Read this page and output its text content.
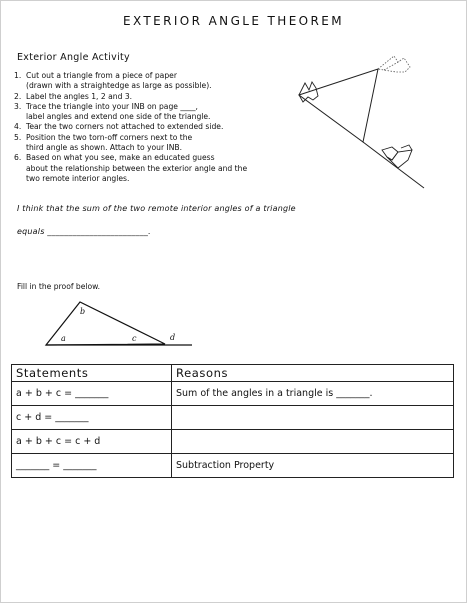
EXTERIOR ANGLE THEOREM
Exterior Angle Activity
1. Cut out a triangle from a piece of paper
(drawn with a straightedge as large as possible).
2. Label the angles 1, 2 and 3.
3. Trace the triangle into your INB on page ____,
label angles and extend one side of the triangle.
4. Tear the two corners not attached to extended side.
5. Position the two torn-off corners next to the
third angle as shown. Attach to your INB.
6. Based on what you see, make an educated guess
about the relationship between the exterior angle and the
two remote interior angles.
I think that the sum of the two remote interior angles of a triangle
equals ________________________.
Fill in the proof below.
b
a	c	d
Statements	Reasons
a + b + c = _______	Sum of the angles in a triangle is _______.
c + d = _______	
a + b + c = c + d	
_______ = _______	Subtraction Property
